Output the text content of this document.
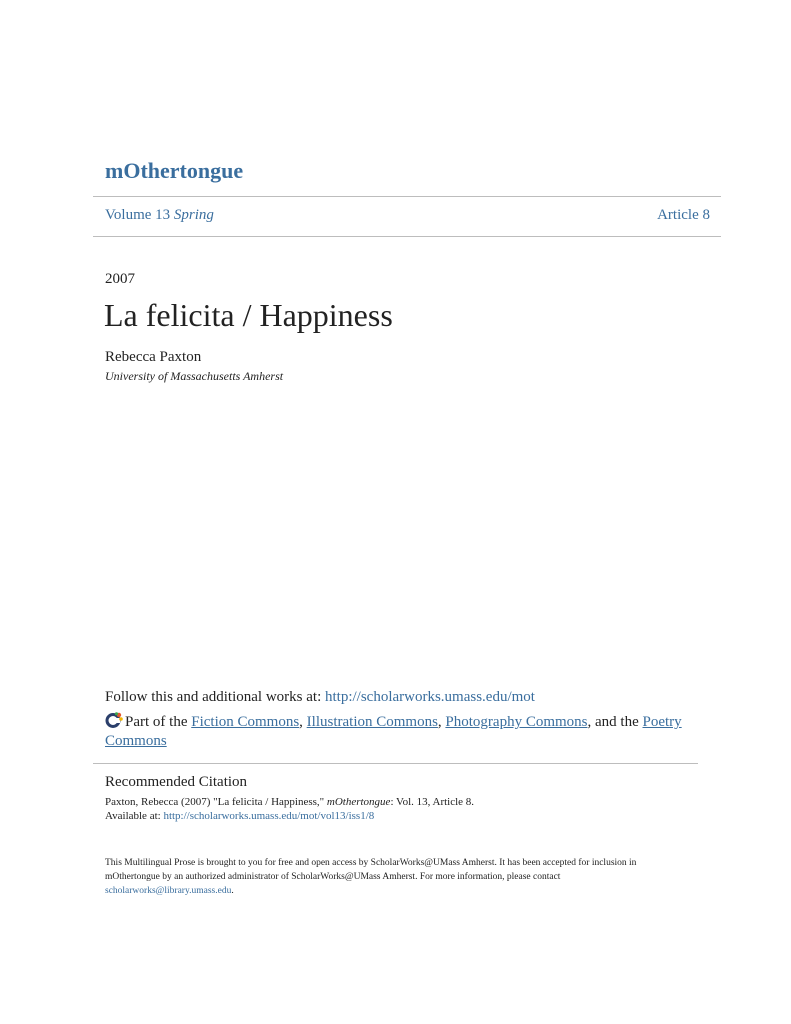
mOthertongue
Volume 13 Spring	Article 8
2007
La felicita / Happiness
Rebecca Paxton
University of Massachusetts Amherst
Follow this and additional works at: http://scholarworks.umass.edu/mot
Part of the Fiction Commons, Illustration Commons, Photography Commons, and the Poetry Commons
Recommended Citation
Paxton, Rebecca (2007) "La felicita / Happiness," mOthertongue: Vol. 13, Article 8.
Available at: http://scholarworks.umass.edu/mot/vol13/iss1/8
This Multilingual Prose is brought to you for free and open access by ScholarWorks@UMass Amherst. It has been accepted for inclusion in
mOthertongue by an authorized administrator of ScholarWorks@UMass Amherst. For more information, please contact
scholarworks@library.umass.edu.
